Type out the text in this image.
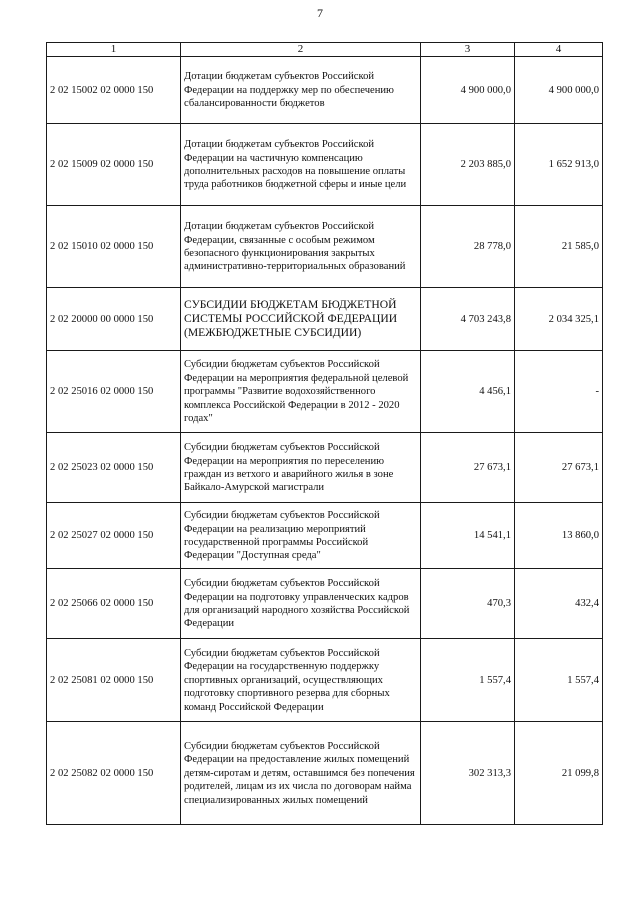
7
1	2	3	4
2 02 15002 02 0000 150	Дотации бюджетам субъектов Российской Федерации на поддержку мер по обеспечению сбалансированности бюджетов	4 900 000,0	4 900 000,0
2 02 15009 02 0000 150	Дотации бюджетам субъектов Российской Федерации на частичную компенсацию дополнительных расходов на повышение оплаты труда работников бюджетной сферы и иные цели	2 203 885,0	1 652 913,0
2 02 15010 02 0000 150	Дотации бюджетам субъектов Российской Федерации, связанные с особым режимом безопасного функционирования закрытых административно-территориальных образований	28 778,0	21 585,0
2 02 20000 00 0000 150	СУБСИДИИ БЮДЖЕТАМ БЮДЖЕТНОЙ СИСТЕМЫ РОССИЙСКОЙ ФЕДЕРАЦИИ (МЕЖБЮДЖЕТНЫЕ СУБСИДИИ)	4 703 243,8	2 034 325,1
2 02 25016 02 0000 150	Субсидии бюджетам субъектов Российской Федерации на мероприятия федеральной целевой программы "Развитие водохозяйственного комплекса Российской Федерации в 2012 - 2020 годах"	4 456,1	-
2 02 25023 02 0000 150	Субсидии бюджетам субъектов Российской Федерации на мероприятия по переселению граждан из ветхого и аварийного жилья в зоне Байкало-Амурской магистрали	27 673,1	27 673,1
2 02 25027 02 0000 150	Субсидии бюджетам субъектов Российской Федерации на реализацию мероприятий государственной программы Российской Федерации "Доступная среда"	14 541,1	13 860,0
2 02 25066 02 0000 150	Субсидии бюджетам субъектов Российской Федерации на подготовку управленческих кадров для организаций народного хозяйства Российской Федерации	470,3	432,4
2 02 25081 02 0000 150	Субсидии бюджетам субъектов Российской Федерации на государственную поддержку спортивных организаций, осуществляющих подготовку спортивного резерва для сборных команд Российской Федерации	1 557,4	1 557,4
2 02 25082 02 0000 150	Субсидии бюджетам субъектов Российской Федерации на предоставление жилых помещений детям-сиротам и детям, оставшимся без попечения родителей, лицам из их числа по договорам найма специализированных жилых помещений	302 313,3	21 099,8
